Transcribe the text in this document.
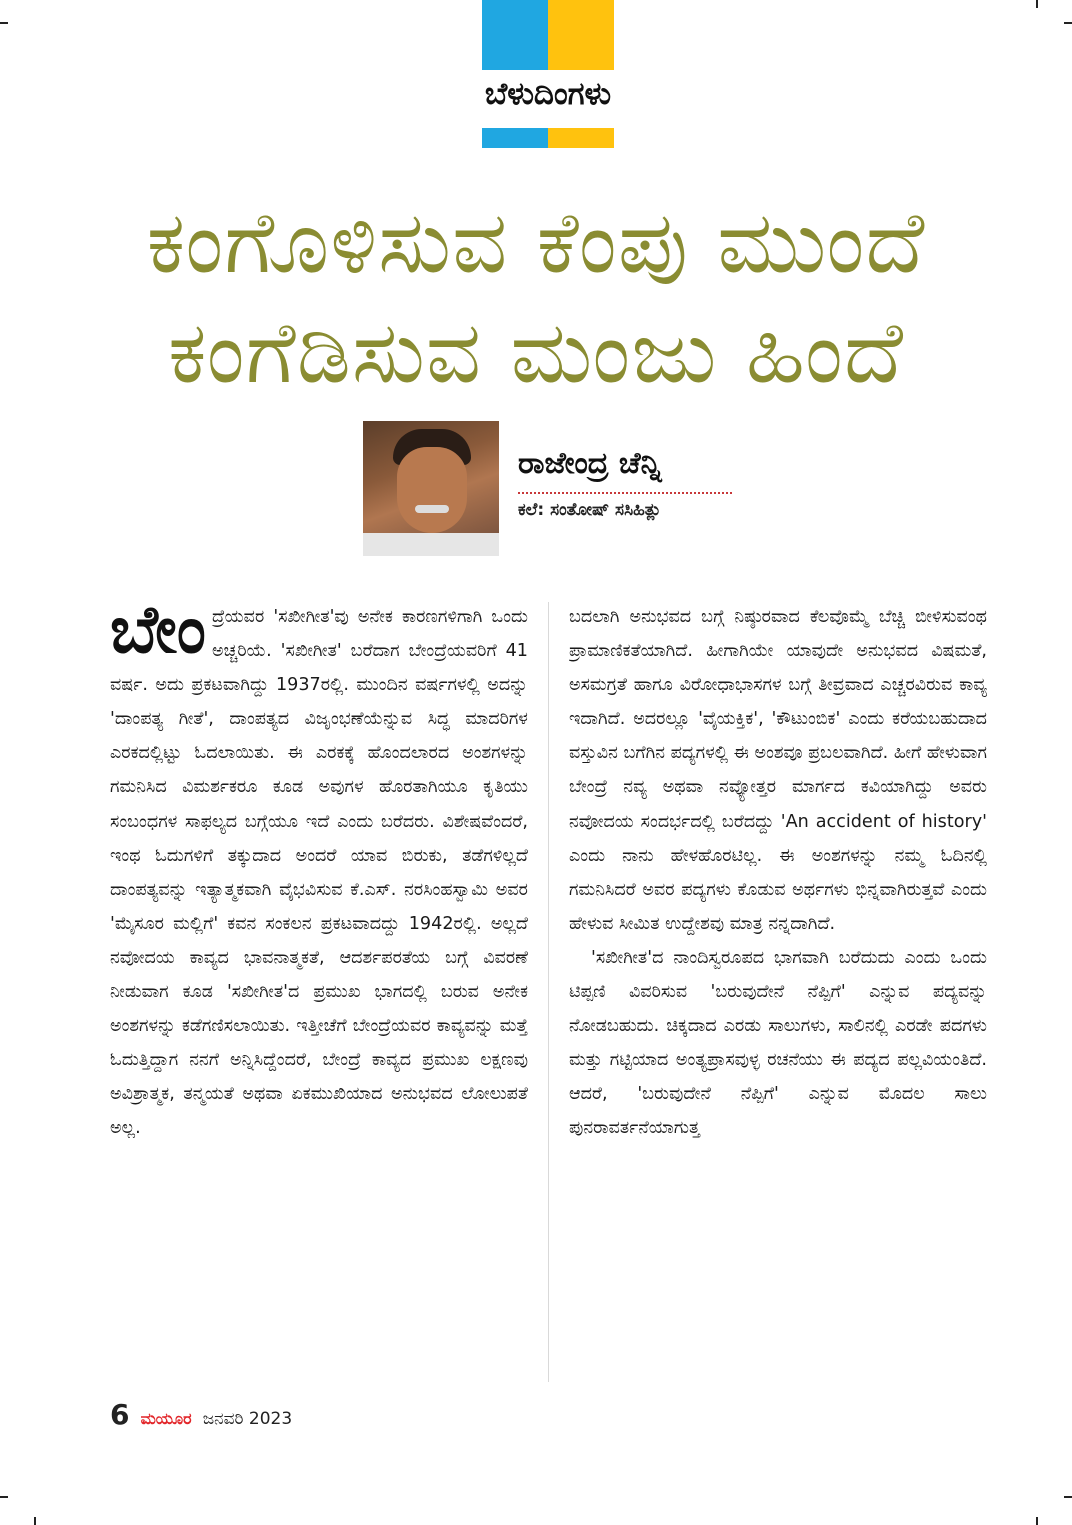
ಬೆಳುದಿಂಗಳು
ಕಂಗೊಳಿಸುವ ಕೆಂಪು ಮುಂದೆ
ಕಂಗೆಡಿಸುವ ಮಂಜು ಹಿಂದೆ
ರಾಜೇಂದ್ರ ಚೆನ್ನಿ
ಕಲೆ: ಸಂತೋಷ್ ಸಸಿಹಿತ್ಲು
ಬೇಂ ದ್ರೆಯವರ 'ಸಖೀಗೀತ'ವು ಅನೇಕ ಕಾರಣಗಳಿಗಾಗಿ ಒಂದು ಅಚ್ಚರಿಯೆ. 'ಸಖೀಗೀತ' ಬರೆದಾಗ ಬೇಂದ್ರೆಯವರಿಗೆ 41 ವರ್ಷ. ಅದು ಪ್ರಕಟವಾಗಿದ್ದು 1937ರಲ್ಲಿ. ಮುಂದಿನ ವರ್ಷಗಳಲ್ಲಿ ಅದನ್ನು 'ದಾಂಪತ್ಯ ಗೀತೆ', ದಾಂಪತ್ಯದ ವಿಜೃಂಭಣೆಯೆನ್ನುವ ಸಿದ್ಧ ಮಾದರಿಗಳ ಎರಕದಲ್ಲಿಟ್ಟು ಓದಲಾಯಿತು. ಈ ಎರಕಕ್ಕೆ ಹೊಂದಲಾರದ ಅಂಶಗಳನ್ನು ಗಮನಿಸಿದ ವಿಮರ್ಶಕರೂ ಕೂಡ ಅವುಗಳ ಹೊರತಾಗಿಯೂ ಕೃತಿಯು ಸಂಬಂಧಗಳ ಸಾಫಲ್ಯದ ಬಗ್ಗೆಯೂ ಇದೆ ಎಂದು ಬರೆದರು. ವಿಶೇಷವೆಂದರೆ, ಇಂಥ ಓದುಗಳಿಗೆ ತಕ್ಕುದಾದ ಅಂದರೆ ಯಾವ ಬಿರುಕು, ತಡೆಗಳಿಲ್ಲದೆ ದಾಂಪತ್ಯವನ್ನು ಇತ್ಯಾತ್ಮಕವಾಗಿ ವೈಭವಿಸುವ ಕೆ.ಎಸ್. ನರಸಿಂಹಸ್ವಾಮಿ ಅವರ 'ಮೈಸೂರ ಮಲ್ಲಿಗೆ' ಕವನ ಸಂಕಲನ ಪ್ರಕಟವಾದದ್ದು 1942ರಲ್ಲಿ. ಅಲ್ಲದೆ ನವೋದಯ ಕಾವ್ಯದ ಭಾವನಾತ್ಮಕತೆ, ಆದರ್ಶಪರತೆಯ ಬಗ್ಗೆ ವಿವರಣೆ ನೀಡುವಾಗ ಕೂಡ 'ಸಖೀಗೀತ'ದ ಪ್ರಮುಖ ಭಾಗದಲ್ಲಿ ಬರುವ ಅನೇಕ ಅಂಶಗಳನ್ನು ಕಡೆಗಣಿಸಲಾಯಿತು. ಇತ್ತೀಚೆಗೆ ಬೇಂದ್ರೆಯವರ ಕಾವ್ಯವನ್ನು ಮತ್ತೆ ಓದುತ್ತಿದ್ದಾಗ ನನಗೆ ಅನ್ನಿಸಿದ್ದೆಂದರೆ, ಬೇಂದ್ರೆ ಕಾವ್ಯದ ಪ್ರಮುಖ ಲಕ್ಷಣವು ಅವಿಶ್ರಾತ್ಮಕ, ತನ್ಮಯತೆ ಅಥವಾ ಏಕಮುಖಿಯಾದ ಅನುಭವದ ಲೋಲುಪತೆ ಅಲ್ಲ.

ಬದಲಾಗಿ ಅನುಭವದ ಬಗ್ಗೆ ನಿಷ್ಠುರವಾದ ಕೆಲವೊಮ್ಮೆ ಬೆಚ್ಚಿ ಬೀಳಿಸುವಂಥ ಪ್ರಾಮಾಣಿಕತೆಯಾಗಿದೆ. ಹೀಗಾಗಿಯೇ ಯಾವುದೇ ಅನುಭವದ ವಿಷಮತೆ, ಅಸಮಗ್ರತೆ ಹಾಗೂ ವಿರೋಧಾಭಾಸಗಳ ಬಗ್ಗೆ ತೀವ್ರವಾದ ಎಚ್ಚರವಿರುವ ಕಾವ್ಯ ಇದಾಗಿದೆ. ಅದರಲ್ಲೂ 'ವೈಯಕ್ತಿಕ', 'ಕೌಟುಂಬಿಕ' ಎಂದು ಕರೆಯಬಹುದಾದ ವಸ್ತುವಿನ ಬಗೆಗಿನ ಪದ್ಯಗಳಲ್ಲಿ ಈ ಅಂಶವೂ ಪ್ರಬಲವಾಗಿದೆ. ಹೀಗೆ ಹೇಳುವಾಗ ಬೇಂದ್ರೆ ನವ್ಯ ಅಥವಾ ನವ್ಯೋತ್ತರ ಮಾರ್ಗದ ಕವಿಯಾಗಿದ್ದು ಅವರು ನವೋದಯ ಸಂದರ್ಭದಲ್ಲಿ ಬರೆದದ್ದು 'An accident of history' ಎಂದು ನಾನು ಹೇಳಹೊರಟಿಲ್ಲ. ಈ ಅಂಶಗಳನ್ನು ನಮ್ಮ ಓದಿನಲ್ಲಿ ಗಮನಿಸಿದರೆ ಅವರ ಪದ್ಯಗಳು ಕೊಡುವ ಅರ್ಥಗಳು ಭಿನ್ನವಾಗಿರುತ್ತವೆ ಎಂದು ಹೇಳುವ ಸೀಮಿತ ಉದ್ದೇಶವು ಮಾತ್ರ ನನ್ನದಾಗಿದೆ.

'ಸಖೀಗೀತ'ದ ನಾಂದಿಸ್ವರೂಪದ ಭಾಗವಾಗಿ ಬರೆದುದು ಎಂದು ಒಂದು ಟಿಪ್ಪಣಿ ವಿವರಿಸುವ 'ಬರುವುದೇನೆ ನೆಪ್ಪಿಗೆ' ಎನ್ನುವ ಪದ್ಯವನ್ನು ನೋಡಬಹುದು. ಚಿಕ್ಕದಾದ ಎರಡು ಸಾಲುಗಳು, ಸಾಲಿನಲ್ಲಿ ಎರಡೇ ಪದಗಳು ಮತ್ತು ಗಟ್ಟಿಯಾದ ಅಂತ್ಯಪ್ರಾಸವುಳ್ಳ ರಚನೆಯು ಈ ಪದ್ಯದ ಪಲ್ಲವಿಯಂತಿದೆ. ಆದರೆ, 'ಬರುವುದೇನೆ ನೆಪ್ಪಿಗೆ' ಎನ್ನುವ ಮೊದಲ ಸಾಲು ಪುನರಾವರ್ತನೆಯಾಗುತ್ತ

6 ಮಯೂರ ಜನವರಿ 2023
